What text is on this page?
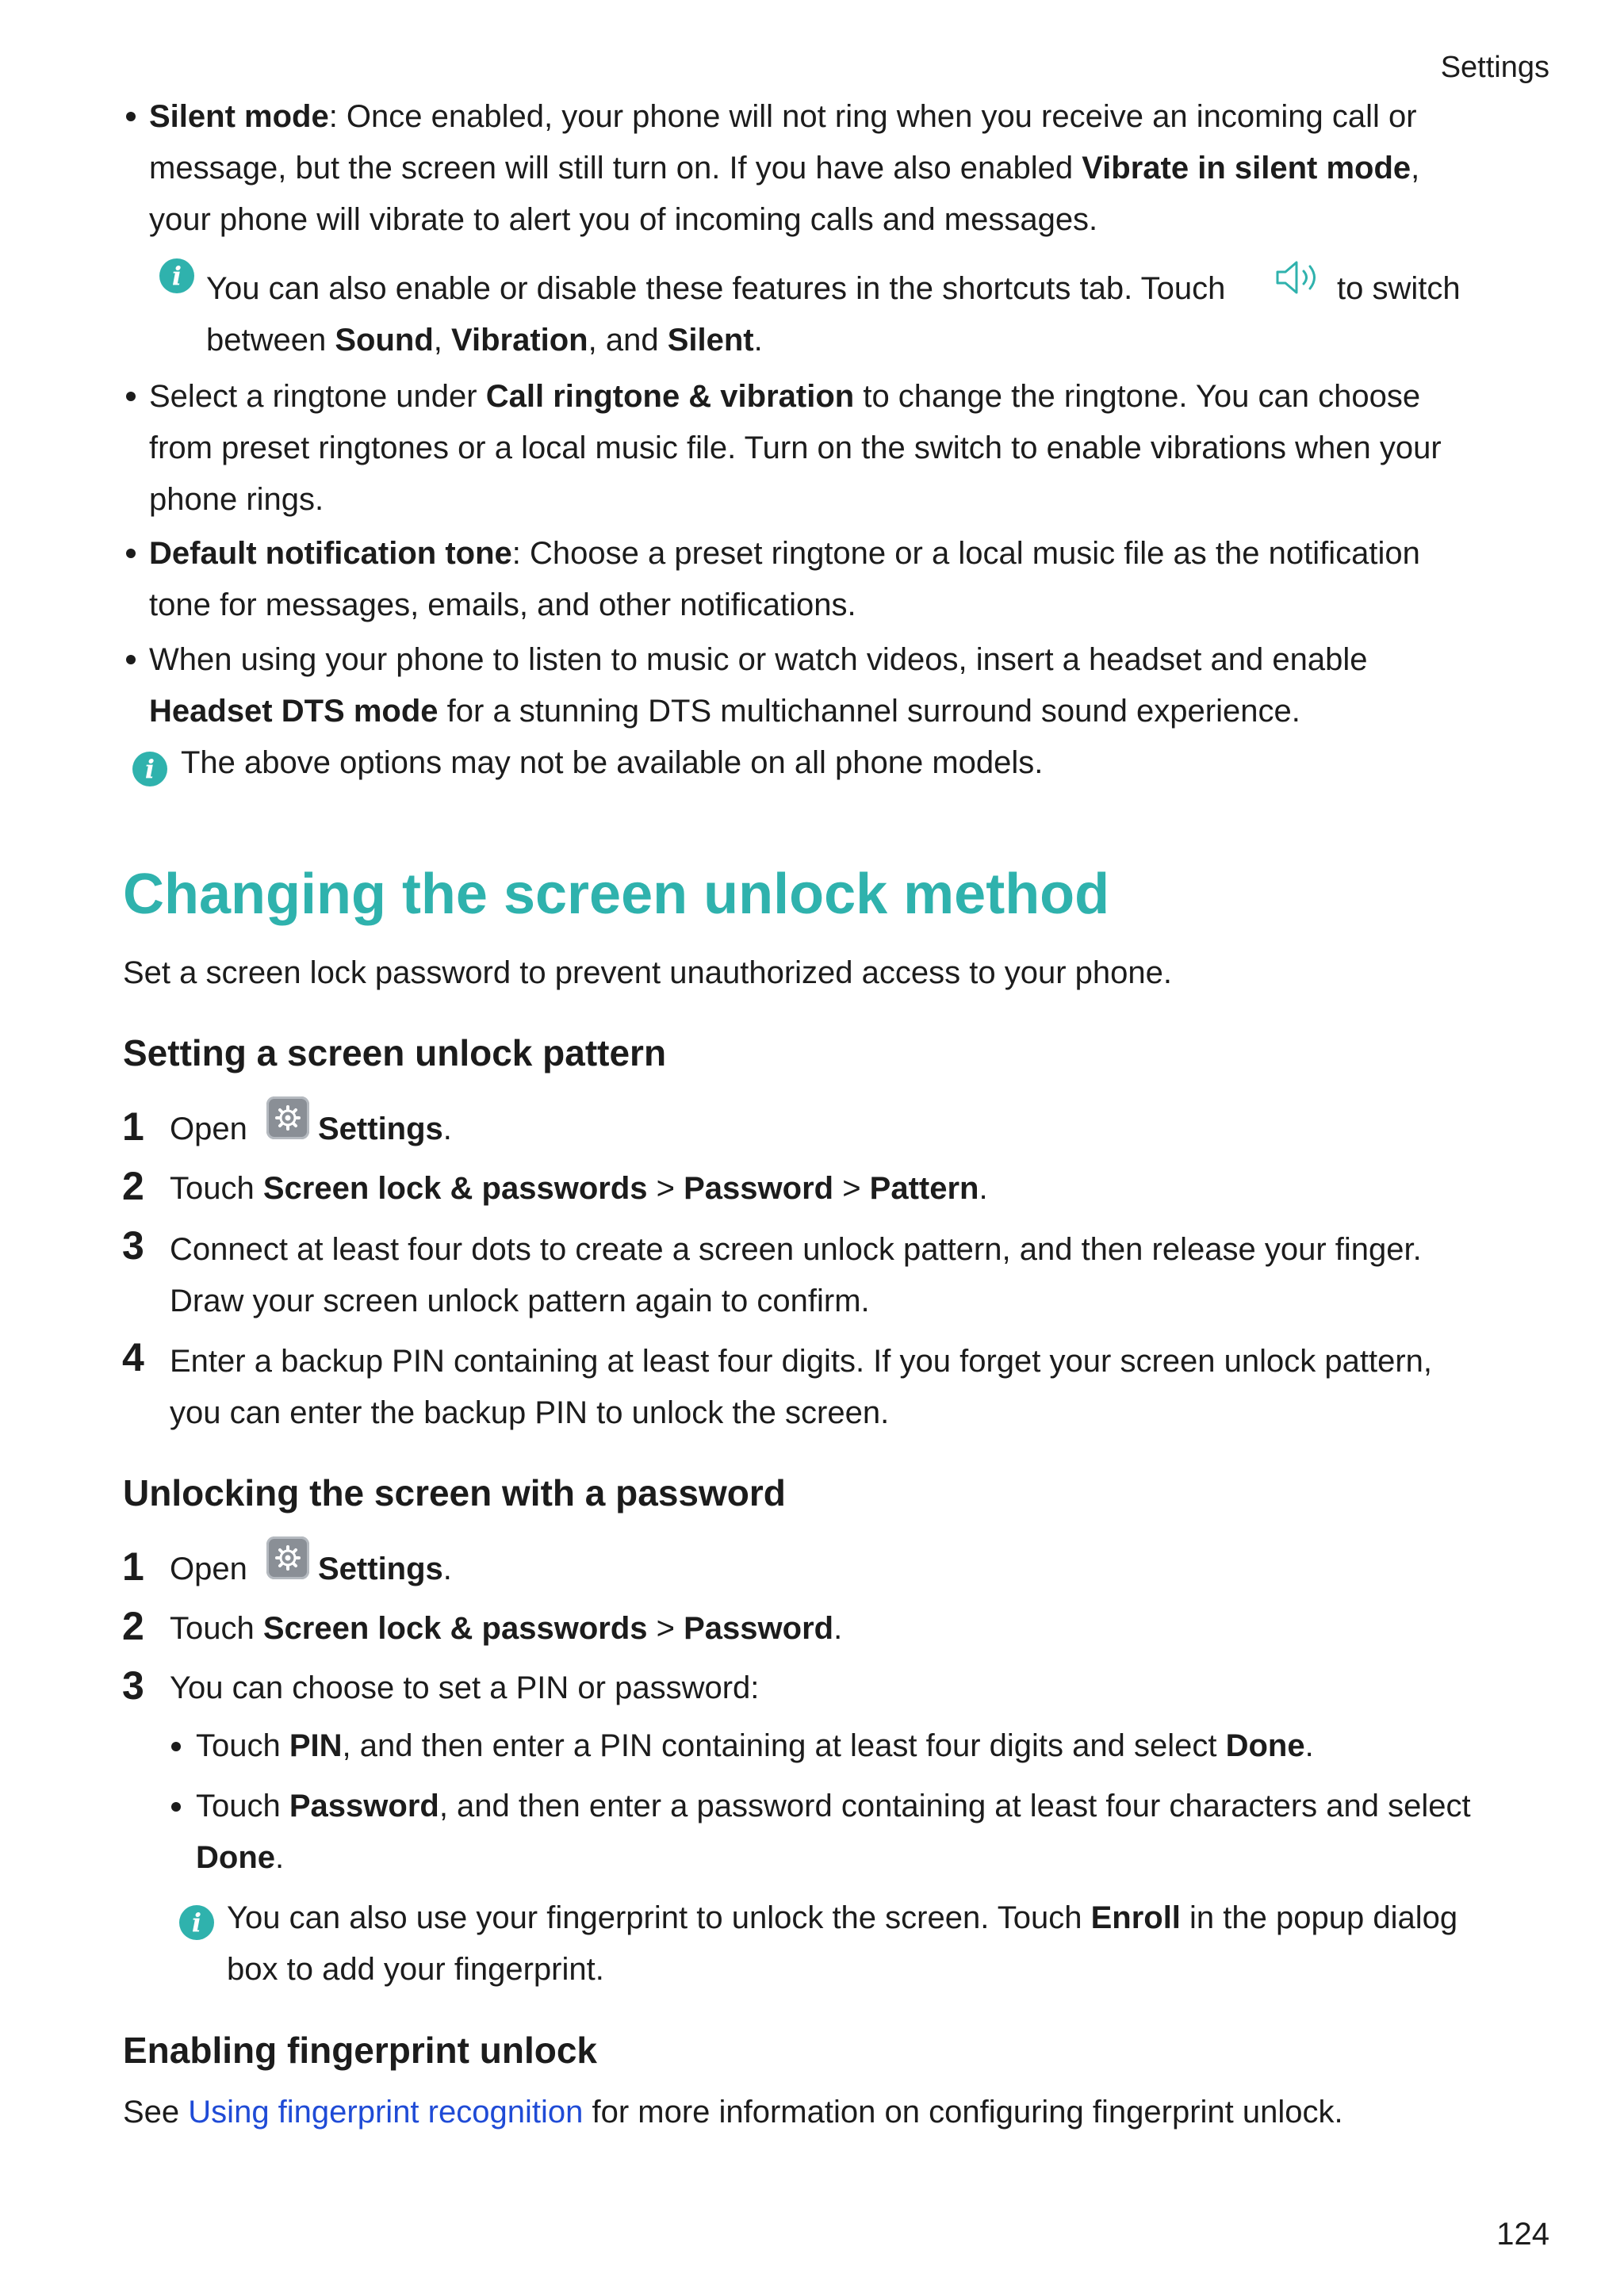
Settings
Silent mode: Once enabled, your phone will not ring when you receive an incoming call or
message, but the screen will still turn on. If you have also enabled Vibrate in silent mode,
your phone will vibrate to alert you of incoming calls and messages.
i You can also enable or disable these features in the shortcuts tab. Touch	to switch
between Sound, Vibration, and Silent.
Select a ringtone under Call ringtone & vibration to change the ringtone. You can choose
from preset ringtones or a local music file. Turn on the switch to enable vibrations when your
phone rings.
Default notification tone: Choose a preset ringtone or a local music file as the notification
tone for messages, emails, and other notifications.
When using your phone to listen to music or watch videos, insert a headset and enable
Headset DTS mode for a stunning DTS multichannel surround sound experience.
i The above options may not be available on all phone models.
Changing the screen unlock method
Set a screen lock password to prevent unauthorized access to your phone.
Setting a screen unlock pattern
1 Open Settings.
2 Touch Screen lock & passwords > Password > Pattern.
3 Connect at least four dots to create a screen unlock pattern, and then release your finger.
Draw your screen unlock pattern again to confirm.
4 Enter a backup PIN containing at least four digits. If you forget your screen unlock pattern,
you can enter the backup PIN to unlock the screen.
Unlocking the screen with a password
1 Open Settings.
2 Touch Screen lock & passwords > Password.
3 You can choose to set a PIN or password:
Touch PIN, and then enter a PIN containing at least four digits and select Done.
Touch Password, and then enter a password containing at least four characters and select
Done.
i You can also use your fingerprint to unlock the screen. Touch Enroll in the popup dialog
box to add your fingerprint.
Enabling fingerprint unlock
See Using fingerprint recognition for more information on configuring fingerprint unlock.
124
